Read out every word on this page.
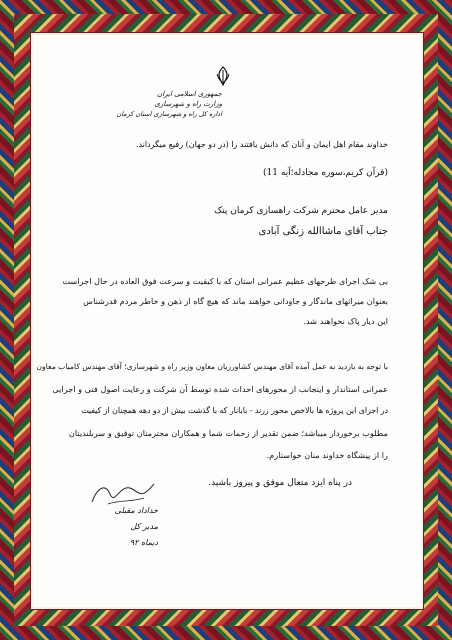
جمهوری اسلامی ایران
وزارت راه و شهرسازی
اداره کل راه و شهرسازی استان کرمان
خداوند مقام اهل ایمان و آنان که دانش یافتند را (در دو جهان) رفیع میگرداند.
(قرآن کریم،سوره مجادله؛آیه 11)
مدیر عامل محترم شرکت راهسازی کرمان پتک
جناب آقای ماشاالله زنگی آبادی
بی شک اجرای طرحهای عظیم عمرانی استان که با کیفیت و سرعت فوق العاده در حال اجراست
بعنوان میراثهای ماندگار و جاودانی خواهند ماند که هیچ گاه از ذهن و خاطر مردم قدرشناس
این دیار پاک نخواهند شد.
با توجه به بازدید به عمل آمده آقای مهندس کشاورزیان معاون وزیر راه و شهرسازی؛ آقای مهندس کامیاب معاون
عمرانی استاندار و اینجانب از محورهای احداث شده توسط آن شرکت و رعایت اصول فنی و اجرایی
در اجرای این پروژه ها بالاخص محور زرند - بابانار که با گذشت بیش از دو دهه همچنان از کیفیت
مطلوب برخوردار میباشد؛ ضمن تقدیر از زحمات شما و همکاران محترمتان توفیق و سربلندیتان
را از پیشگاه خداوند منان خواستارم.
در پناه ایزد متعال موفق و پیروز باشید.
خداداد مقبلی
مدیر کل
دیماه ۹۲
